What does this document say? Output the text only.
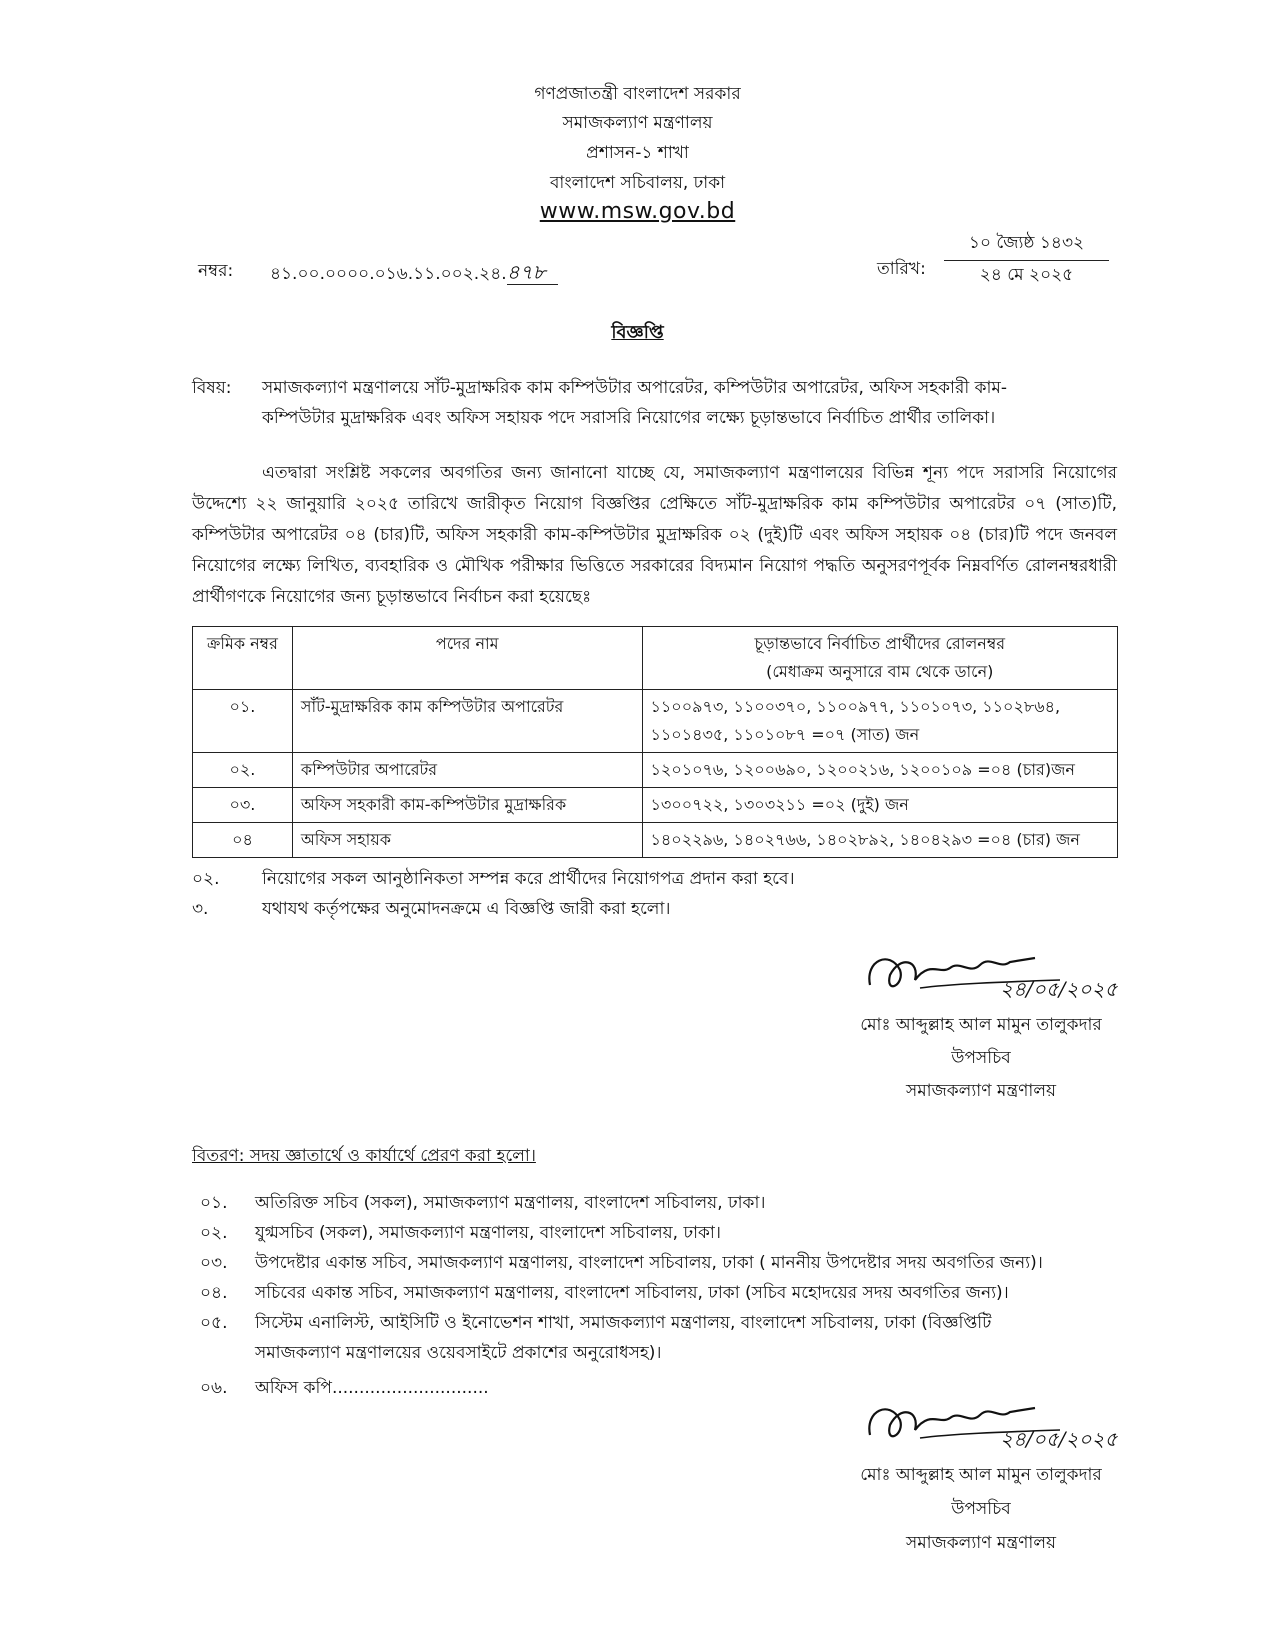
গণপ্রজাতন্ত্রী বাংলাদেশ সরকার
সমাজকল্যাণ মন্ত্রণালয়
প্রশাসন-১ শাখা
বাংলাদেশ সচিবালয়, ঢাকা
www.msw.gov.bd
নম্বর: ৪১.০০.০০০০.০১৬.১১.০০২.২৪.৪৭৮	তারিখ:
১০ জ্যৈষ্ঠ ১৪৩২
২৪ মে ২০২৫
বিজ্ঞপ্তি
বিষয়: সমাজকল্যাণ মন্ত্রণালয়ে সাঁট-মুদ্রাক্ষরিক কাম কম্পিউটার অপারেটর, কম্পিউটার অপারেটর, অফিস সহকারী কাম-
কম্পিউটার মুদ্রাক্ষরিক এবং অফিস সহায়ক পদে সরাসরি নিয়োগের লক্ষ্যে চূড়ান্তভাবে নির্বাচিত প্রার্থীর তালিকা।
এতদ্বারা সংশ্লিষ্ট সকলের অবগতির জন্য জানানো যাচ্ছে যে, সমাজকল্যাণ মন্ত্রণালয়ের বিভিন্ন শূন্য পদে সরাসরি নিয়োগের উদ্দেশ্যে ২২ জানুয়ারি ২০২৫ তারিখে জারীকৃত নিয়োগ বিজ্ঞপ্তির প্রেক্ষিতে সাঁট-মুদ্রাক্ষরিক কাম কম্পিউটার অপারেটর ০৭ (সাত)টি, কম্পিউটার অপারেটর ০৪ (চার)টি, অফিস সহকারী কাম-কম্পিউটার মুদ্রাক্ষরিক ০২ (দুই)টি এবং অফিস সহায়ক ০৪ (চার)টি পদে জনবল নিয়োগের লক্ষ্যে লিখিত, ব্যবহারিক ও মৌখিক পরীক্ষার ভিত্তিতে সরকারের বিদ্যমান নিয়োগ পদ্ধতি অনুসরণপূর্বক নিম্নবর্ণিত রোলনম্বরধারী প্রার্থীগণকে নিয়োগের জন্য চূড়ান্তভাবে নির্বাচন করা হয়েছেঃ
ক্রমিক নম্বর	পদের নাম	চূড়ান্তভাবে নির্বাচিত প্রার্থীদের রোলনম্বর
(মেধাক্রম অনুসারে বাম থেকে ডানে)

০১.	সাঁট-মুদ্রাক্ষরিক কাম কম্পিউটার অপারেটর	১১০০৯৭৩, ১১০০৩৭০, ১১০০৯৭৭, ১১০১০৭৩, ১১০২৮৬৪, ১১০১৪৩৫, ১১০১০৮৭ =০৭ (সাত) জন
০২.	কম্পিউটার অপারেটর	১২০১০৭৬, ১২০০৬৯০, ১২০০২১৬, ১২০০১০৯ =০৪ (চার)জন
০৩.	অফিস সহকারী কাম-কম্পিউটার মুদ্রাক্ষরিক	১৩০০৭২২, ১৩০৩২১১ =০২ (দুই) জন
০৪	অফিস সহায়ক	১৪০২২৯৬, ১৪০২৭৬৬, ১৪০২৮৯২, ১৪০৪২৯৩ =০৪ (চার) জন
০২. নিয়োগের সকল আনুষ্ঠানিকতা সম্পন্ন করে প্রার্থীদের নিয়োগপত্র প্রদান করা হবে।
৩.	যথাযথ কর্তৃপক্ষের অনুমোদনক্রমে এ বিজ্ঞপ্তি জারী করা হলো।
২৪/০৫/২০২৫
মোঃ আব্দুল্লাহ আল মামুন তালুকদার
উপসচিব
সমাজকল্যাণ মন্ত্রণালয়
বিতরণ: সদয় জ্ঞাতার্থে ও কার্যার্থে প্রেরণ করা হলো।
০১. অতিরিক্ত সচিব (সকল), সমাজকল্যাণ মন্ত্রণালয়, বাংলাদেশ সচিবালয়, ঢাকা।
০২. যুগ্মসচিব (সকল), সমাজকল্যাণ মন্ত্রণালয়, বাংলাদেশ সচিবালয়, ঢাকা।
০৩. উপদেষ্টার একান্ত সচিব, সমাজকল্যাণ মন্ত্রণালয়, বাংলাদেশ সচিবালয়, ঢাকা ( মাননীয় উপদেষ্টার সদয় অবগতির জন্য)।
০৪. সচিবের একান্ত সচিব, সমাজকল্যাণ মন্ত্রণালয়, বাংলাদেশ সচিবালয়, ঢাকা (সচিব মহোদয়ের সদয় অবগতির জন্য)।
০৫. সিস্টেম এনালিস্ট, আইসিটি ও ইনোভেশন শাখা, সমাজকল্যাণ মন্ত্রণালয়, বাংলাদেশ সচিবালয়, ঢাকা (বিজ্ঞপ্তিটি
সমাজকল্যাণ মন্ত্রণালয়ের ওয়েবসাইটে প্রকাশের অনুরোধসহ)।
০৬. অফিস কপি.............................
২৪/০৫/২০২৫
মোঃ আব্দুল্লাহ আল মামুন তালুকদার
উপসচিব
সমাজকল্যাণ মন্ত্রণালয়
